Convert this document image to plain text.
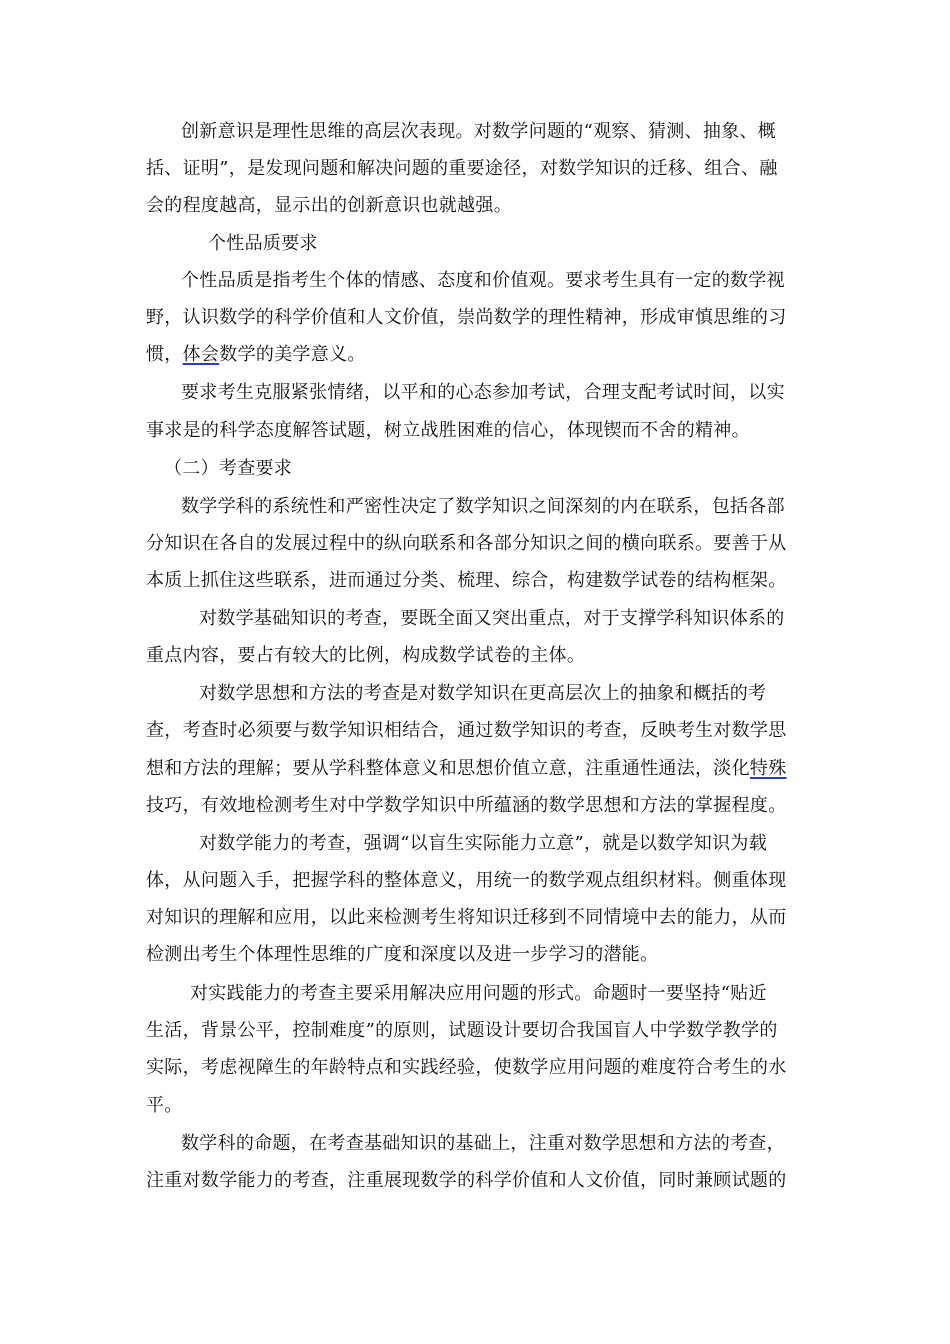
创新意识是理性思维的高层次表现。对数学问题的“观察、猜测、抽象、概
括、证明”，是发现问题和解决问题的重要途径，对数学知识的迁移、组合、融
会的程度越高，显示出的创新意识也就越强。
个性品质要求
个性品质是指考生个体的情感、态度和价值观。要求考生具有一定的数学视
野，认识数学的科学价值和人文价值，崇尚数学的理性精神，形成审慎思维的习
惯，体会数学的美学意义。
要求考生克服紧张情绪，以平和的心态参加考试，合理支配考试时间，以实
事求是的科学态度解答试题，树立战胜困难的信心，体现锲而不舍的精神。
（二）考查要求
数学学科的系统性和严密性决定了数学知识之间深刻的内在联系，包括各部
分知识在各自的发展过程中的纵向联系和各部分知识之间的横向联系。要善于从
本质上抓住这些联系，进而通过分类、梳理、综合，构建数学试卷的结构框架。
对数学基础知识的考查，要既全面又突出重点，对于支撑学科知识体系的
重点内容，要占有较大的比例，构成数学试卷的主体。
对数学思想和方法的考查是对数学知识在更高层次上的抽象和概括的考
查，考查时必须要与数学知识相结合，通过数学知识的考查，反映考生对数学思
想和方法的理解；要从学科整体意义和思想价值立意，注重通性通法，淡化特殊
技巧，有效地检测考生对中学数学知识中所蕴涵的数学思想和方法的掌握程度。
对数学能力的考查，强调“以盲生实际能力立意”，就是以数学知识为载
体，从问题入手，把握学科的整体意义，用统一的数学观点组织材料。侧重体现
对知识的理解和应用，以此来检测考生将知识迁移到不同情境中去的能力，从而
检测出考生个体理性思维的广度和深度以及进一步学习的潜能。
对实践能力的考查主要采用解决应用问题的形式。命题时一要坚持“贴近
生活，背景公平，控制难度”的原则，试题设计要切合我国盲人中学数学教学的
实际，考虑视障生的年龄特点和实践经验，使数学应用问题的难度符合考生的水
平。
数学科的命题，在考查基础知识的基础上，注重对数学思想和方法的考查，
注重对数学能力的考查，注重展现数学的科学价值和人文价值，同时兼顾试题的
